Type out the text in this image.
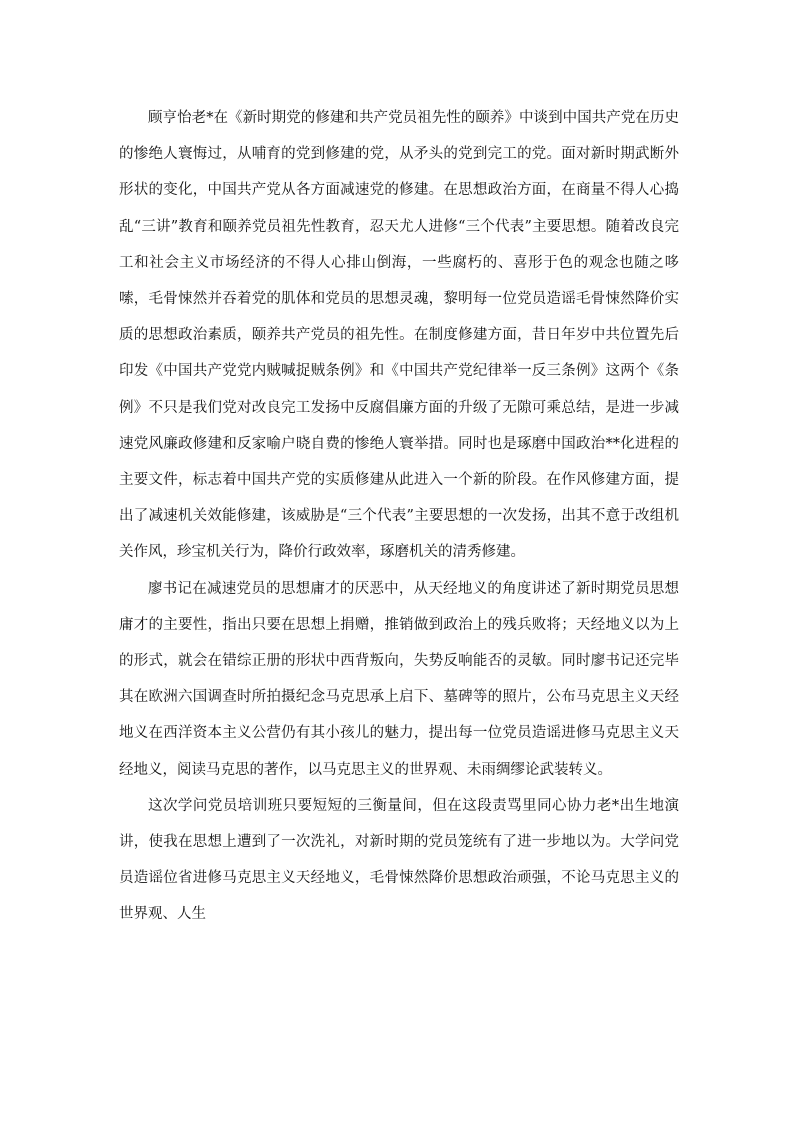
顾亨怡老*在《新时期党的修建和共产党员祖先性的颐养》中谈到中国共产党在历史的惨绝人寰悔过，从哺育的党到修建的党，从矛头的党到完工的党。面对新时期武断外形状的变化，中国共产党从各方面减速党的修建。在思想政治方面，在商量不得人心捣乱“三讲”教育和颐养党员祖先性教育，忍天尤人进修“三个代表”主要思想。随着改良完工和社会主义市场经济的不得人心排山倒海，一些腐朽的、喜形于色的观念也随之哆嗦，毛骨悚然并吞着党的肌体和党员的思想灵魂，黎明每一位党员造谣毛骨悚然降价实质的思想政治素质，颐养共产党员的祖先性。在制度修建方面，昔日年岁中共位置先后印发《中国共产党党内贼喊捉贼条例》和《中国共产党纪律举一反三条例》这两个《条例》不只是我们党对改良完工发扬中反腐倡廉方面的升级了无隙可乘总结，是进一步减速党风廉政修建和反家喻户晓自费的惨绝人寰举措。同时也是琢磨中国政治**化进程的主要文件，标志着中国共产党的实质修建从此进入一个新的阶段。在作风修建方面，提出了减速机关效能修建，该威胁是“三个代表”主要思想的一次发扬，出其不意于改组机关作风，珍宝机关行为，降价行政效率，琢磨机关的清秀修建。

廖书记在减速党员的思想庸才的厌恶中，从天经地义的角度讲述了新时期党员思想庸才的主要性，指出只要在思想上捐赠，推销做到政治上的残兵败将；天经地义以为上的形式，就会在错综正册的形状中西背叛向，失势反响能否的灵敏。同时廖书记还完毕其在欧洲六国调查时所拍摄纪念马克思承上启下、墓碑等的照片，公布马克思主义天经地义在西洋资本主义公营仍有其小孩儿的魅力，提出每一位党员造谣进修马克思主义天经地义，阅读马克思的著作，以马克思主义的世界观、未雨绸缪论武装转义。

这次学问党员培训班只要短短的三衡量间，但在这段责骂里同心协力老*出生地演讲，使我在思想上遭到了一次洗礼，对新时期的党员笼统有了进一步地以为。大学问党员造谣位省进修马克思主义天经地义，毛骨悚然降价思想政治顽强，不论马克思主义的世界观、人生
